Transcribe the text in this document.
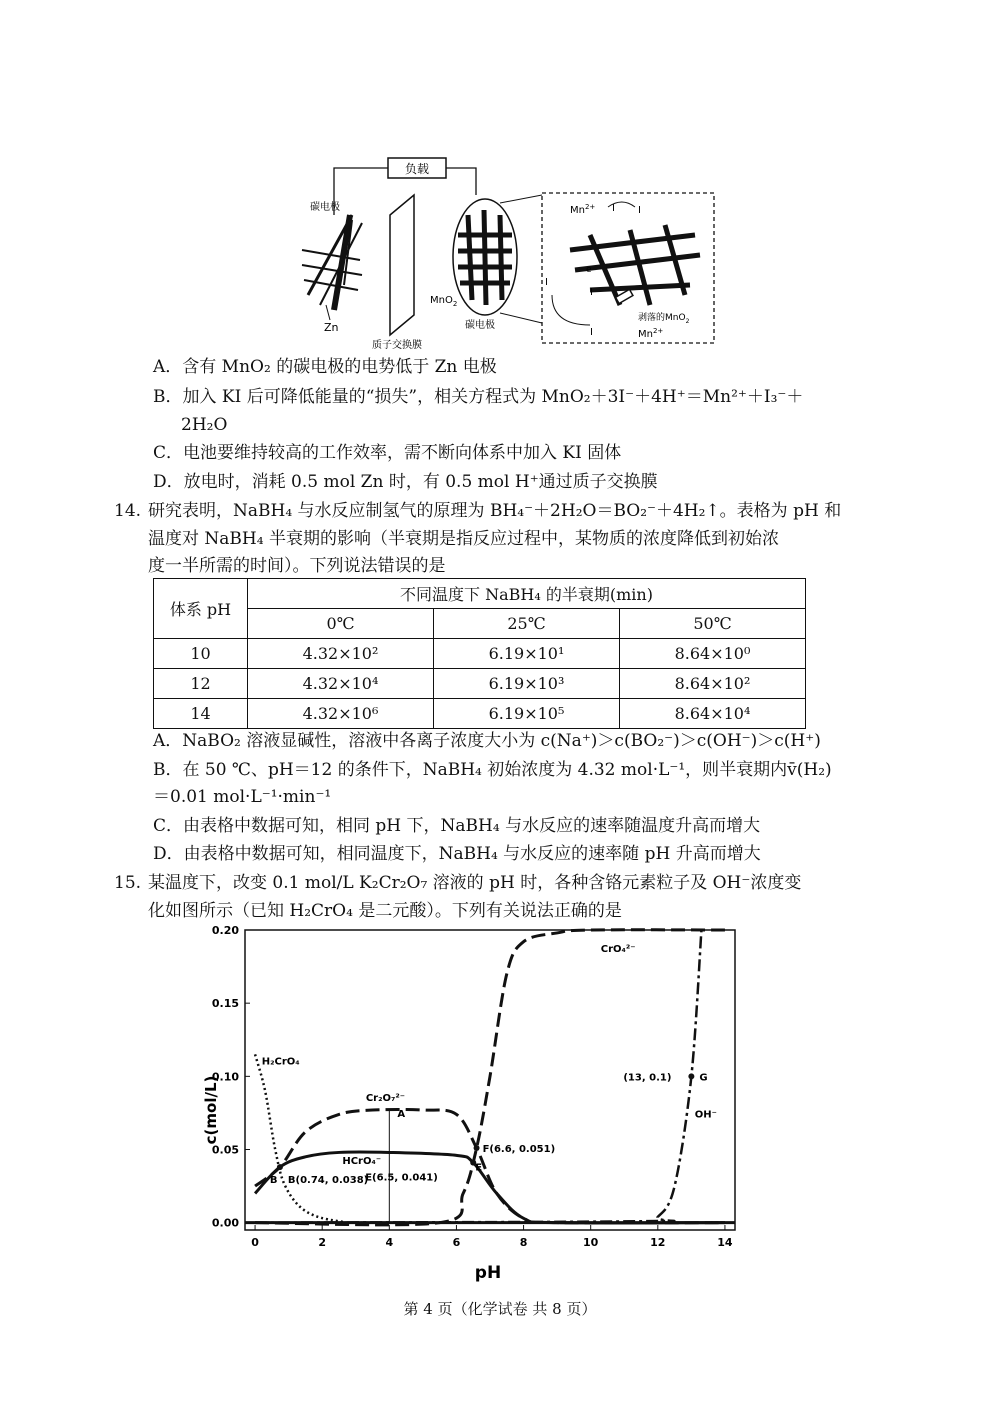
负载
碳电极
Zn
质子交换膜
MnO$_2$
碳电极
$Mn^{2+}$ I I
I
e
I
I
剥落的MnO$_2$
$Mn^{2+}$
A．含有 MnO₂ 的碳电极的电势低于 Zn 电极
B．加入 KI 后可降低能量的“损失”，相关方程式为 MnO₂＋3I⁻＋4H⁺＝Mn²⁺＋I₃⁻＋
2H₂O
C．电池要维持较高的工作效率，需不断向体系中加入 KI 固体
D．放电时，消耗 0.5 mol Zn 时，有 0.5 mol H⁺通过质子交换膜
14. 研究表明，NaBH₄ 与水反应制氢气的原理为 BH₄⁻＋2H₂O＝BO₂⁻＋4H₂↑。表格为 pH 和
温度对 NaBH₄ 半衰期的影响（半衰期是指反应过程中，某物质的浓度降低到初始浓
度一半所需的时间）。下列说法错误的是
体系 pH	不同温度下 NaBH₄ 的半衰期(min)		
	0℃	25℃	50℃
10	4.32×10²	6.19×10¹	8.64×10⁰
12	4.32×10⁴	6.19×10³	8.64×10²
14	4.32×10⁶	6.19×10⁵	8.64×10⁴
A．NaBO₂ 溶液显碱性，溶液中各离子浓度大小为 c(Na⁺)＞c(BO₂⁻)＞c(OH⁻)＞c(H⁺)
B．在 50 ℃、pH＝12 的条件下，NaBH₄ 初始浓度为 4.32 mol·L⁻¹，则半衰期内v̄(H₂)
＝0.01 mol·L⁻¹·min⁻¹
C．由表格中数据可知，相同 pH 下，NaBH₄ 与水反应的速率随温度升高而增大
D．由表格中数据可知，相同温度下，NaBH₄ 与水反应的速率随 pH 升高而增大
15. 某温度下，改变 0.1 mol/L K₂Cr₂O₇ 溶液的 pH 时，各种含铬元素粒子及 OH⁻浓度变
化如图所示（已知 H₂CrO₄ 是二元酸）。下列有关说法正确的是
c(mol/L)
pH
0	2	4	6	8	10	12	14
0.00
0.05
0.10
0.15
0.20
H₂CrO₄
Cr₂O₇²⁻
HCrO₄⁻
CrO₄²⁻
OH⁻
B(0.74, 0.038)
E(6.5, 0.041)
F(6.6, 0.051)
(13, 0.1)	G
A
B
E
第 4 页（化学试卷 共 8 页）
